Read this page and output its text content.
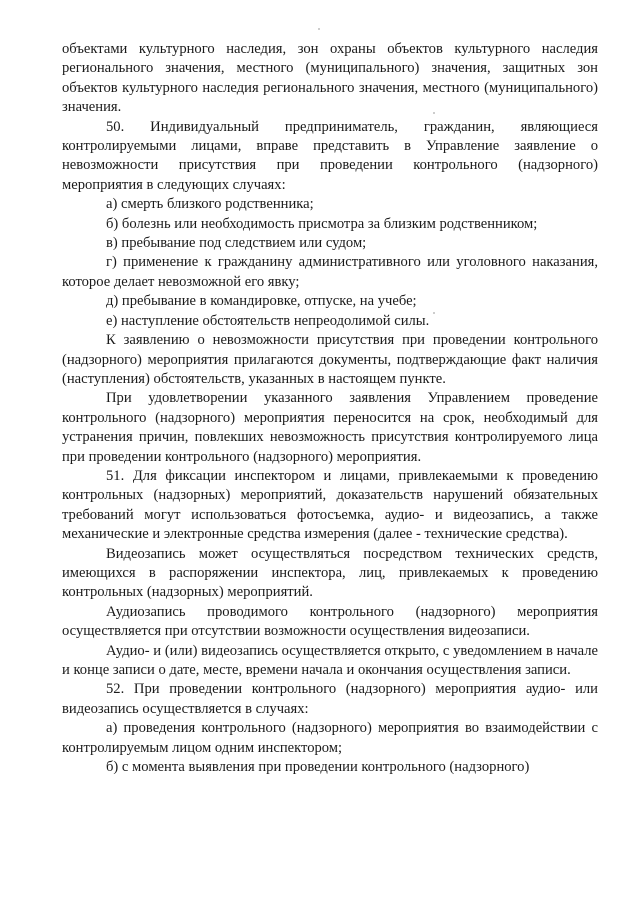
объектами культурного наследия, зон охраны объектов культурного наследия регионального значения, местного (муниципального) значения, защитных зон объектов культурного наследия регионального значения, местного (муниципального) значения.

50. Индивидуальный предприниматель, гражданин, являющиеся контролируемыми лицами, вправе представить в Управление заявление о невозможности присутствия при проведении контрольного (надзорного) мероприятия в следующих случаях:

а) смерть близкого родственника;

б) болезнь или необходимость присмотра за близким родственником;

в) пребывание под следствием или судом;

г) применение к гражданину административного или уголовного наказания, которое делает невозможной его явку;

д) пребывание в командировке, отпуске, на учебе;

е) наступление обстоятельств непреодолимой силы.

К заявлению о невозможности присутствия при проведении контрольного (надзорного) мероприятия прилагаются документы, подтверждающие факт наличия (наступления) обстоятельств, указанных в настоящем пункте.

При удовлетворении указанного заявления Управлением проведение контрольного (надзорного) мероприятия переносится на срок, необходимый для устранения причин, повлекших невозможность присутствия контролируемого лица при проведении контрольного (надзорного) мероприятия.

51. Для фиксации инспектором и лицами, привлекаемыми к проведению контрольных (надзорных) мероприятий, доказательств нарушений обязательных требований могут использоваться фотосъемка, аудио- и видеозапись, а также механические и электронные средства измерения (далее - технические средства).

Видеозапись может осуществляться посредством технических средств, имеющихся в распоряжении инспектора, лиц, привлекаемых к проведению контрольных (надзорных) мероприятий.

Аудиозапись проводимого контрольного (надзорного) мероприятия осуществляется при отсутствии возможности осуществления видеозаписи.

Аудио- и (или) видеозапись осуществляется открыто, с уведомлением в начале и конце записи о дате, месте, времени начала и окончания осуществления записи.

52. При проведении контрольного (надзорного) мероприятия аудио- или видеозапись осуществляется в случаях:

а) проведения контрольного (надзорного) мероприятия во взаимодействии с контролируемым лицом одним инспектором;

б) с момента выявления при проведении контрольного (надзорного)
